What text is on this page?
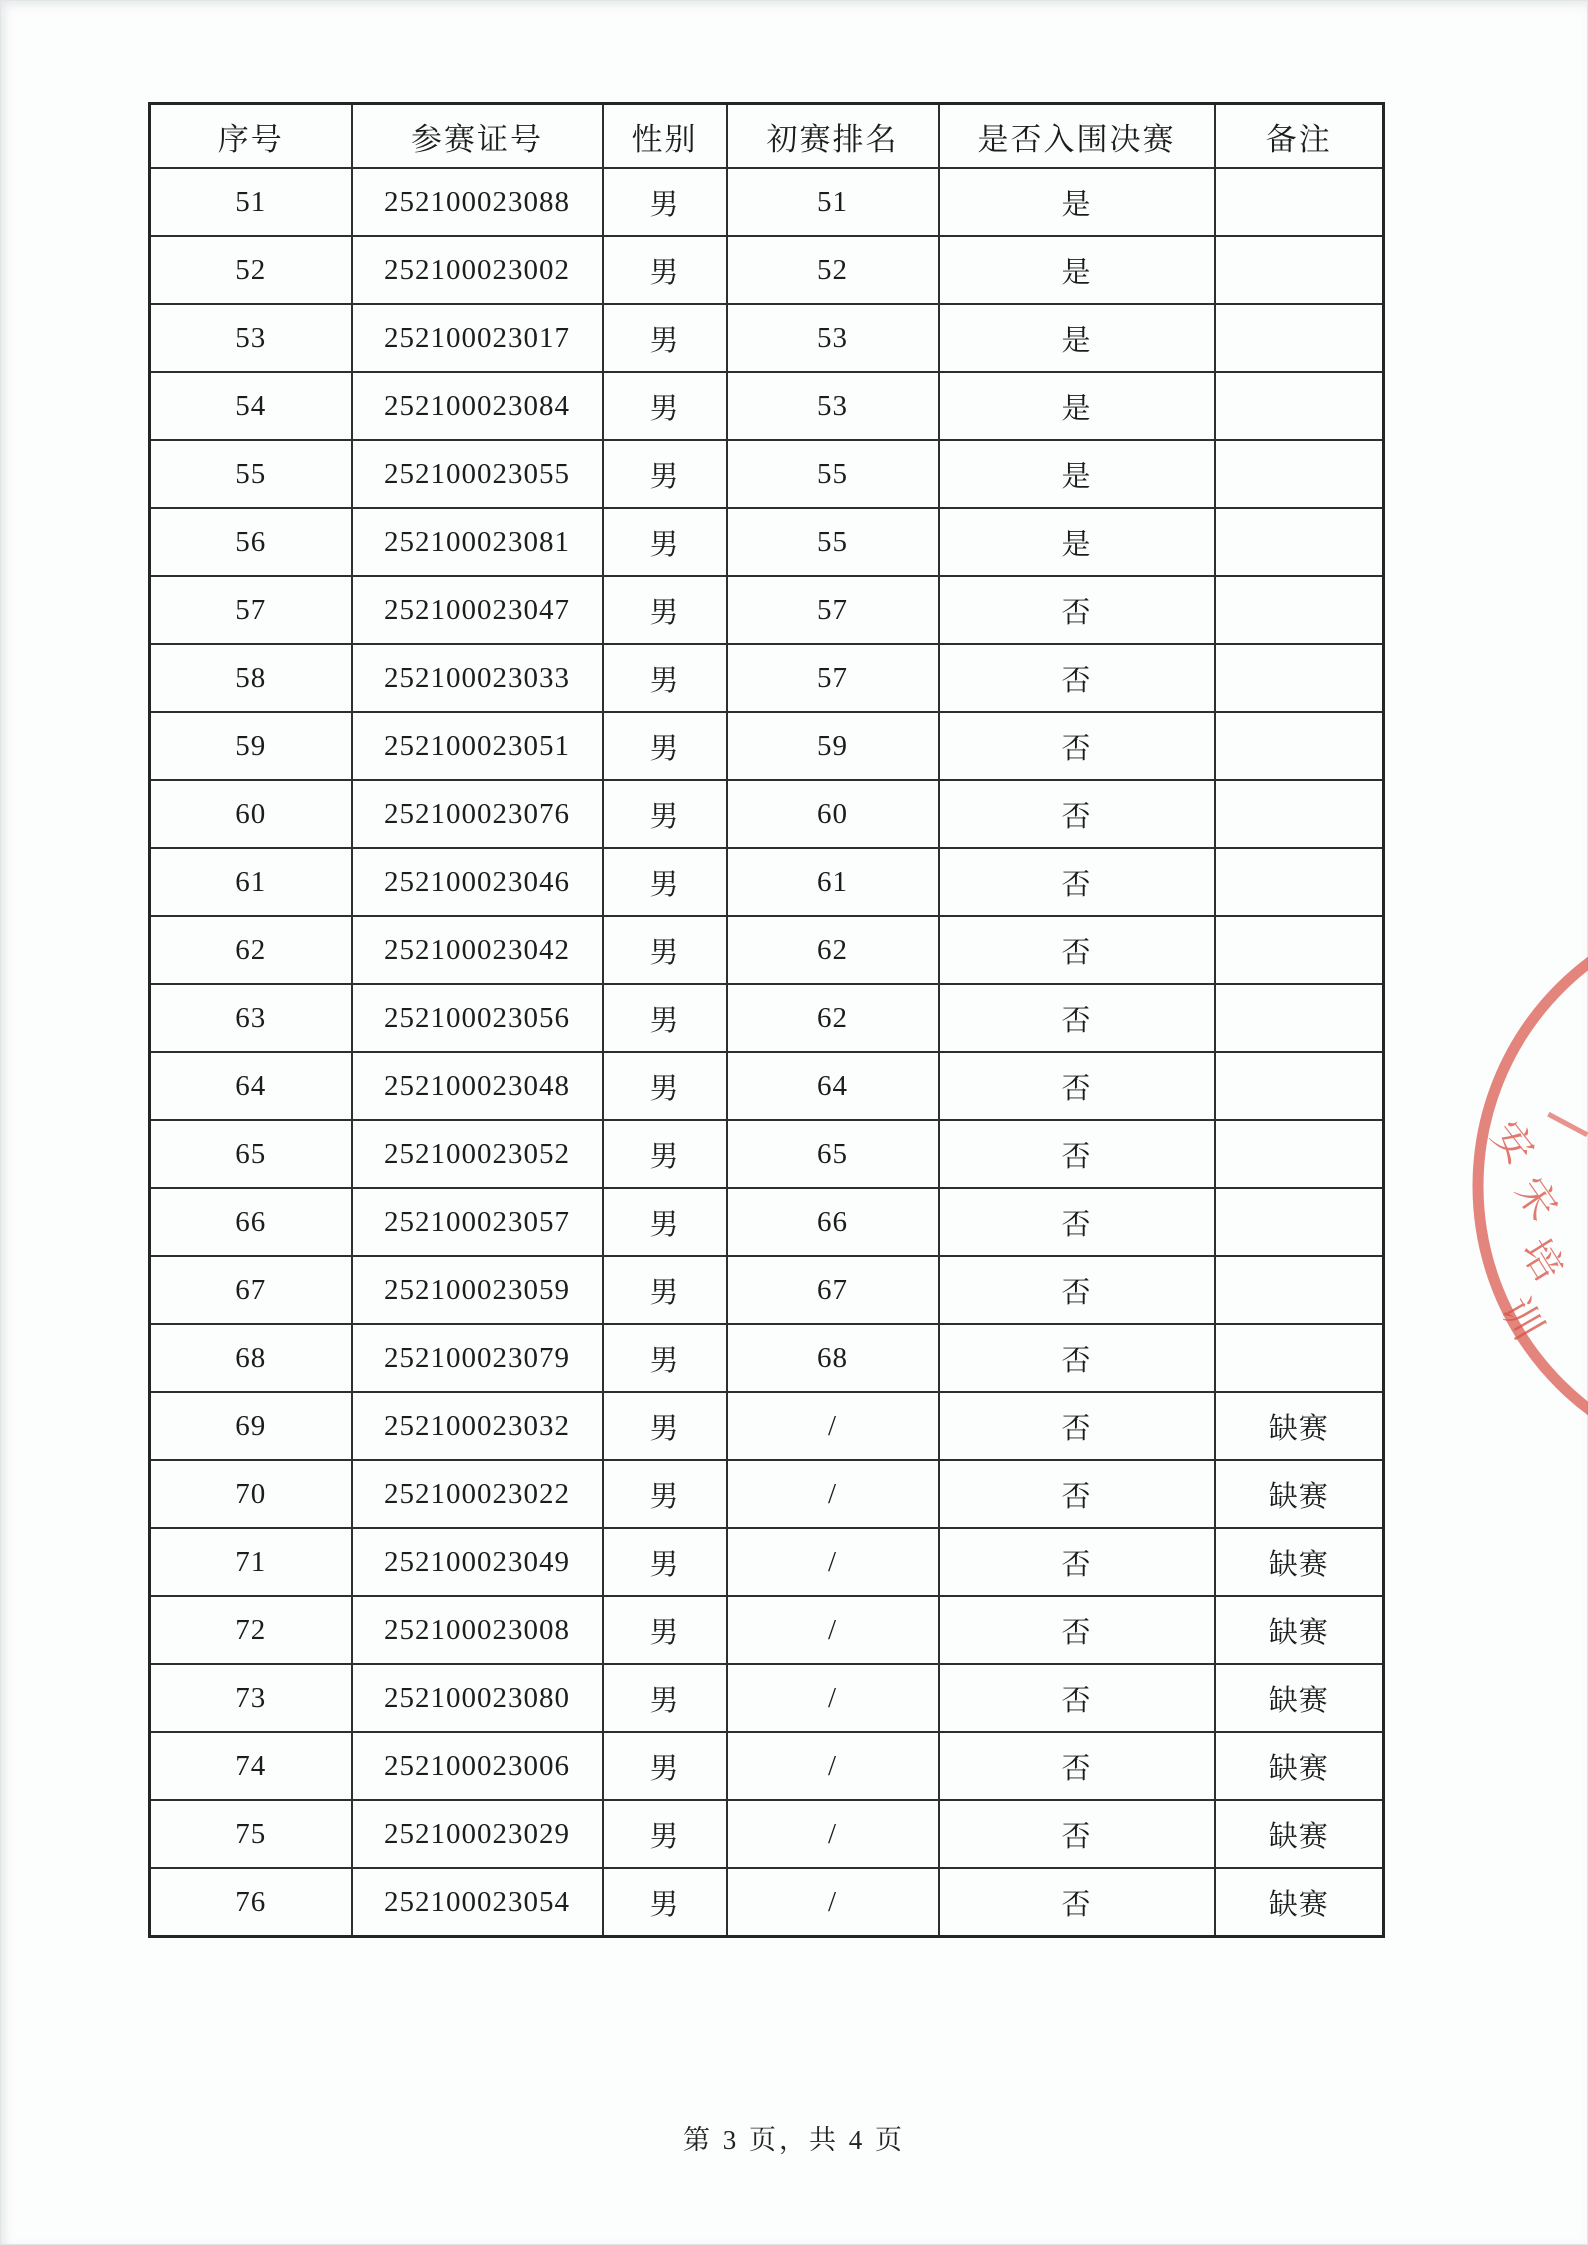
序号	参赛证号	性别	初赛排名	是否入围决赛	备注
51	252100023088	男	51	是	
52	252100023002	男	52	是	
53	252100023017	男	53	是	
54	252100023084	男	53	是	
55	252100023055	男	55	是	
56	252100023081	男	55	是	
57	252100023047	男	57	否	
58	252100023033	男	57	否	
59	252100023051	男	59	否	
60	252100023076	男	60	否	
61	252100023046	男	61	否	
62	252100023042	男	62	否	
63	252100023056	男	62	否	
64	252100023048	男	64	否	
65	252100023052	男	65	否	
66	252100023057	男	66	否	
67	252100023059	男	67	否	
68	252100023079	男	68	否	
69	252100023032	男	/	否	缺赛
70	252100023022	男	/	否	缺赛
71	252100023049	男	/	否	缺赛
72	252100023008	男	/	否	缺赛
73	252100023080	男	/	否	缺赛
74	252100023006	男	/	否	缺赛
75	252100023029	男	/	否	缺赛
76	252100023054	男	/	否	缺赛
安
宋
培
训
第 3 页，共 4 页
